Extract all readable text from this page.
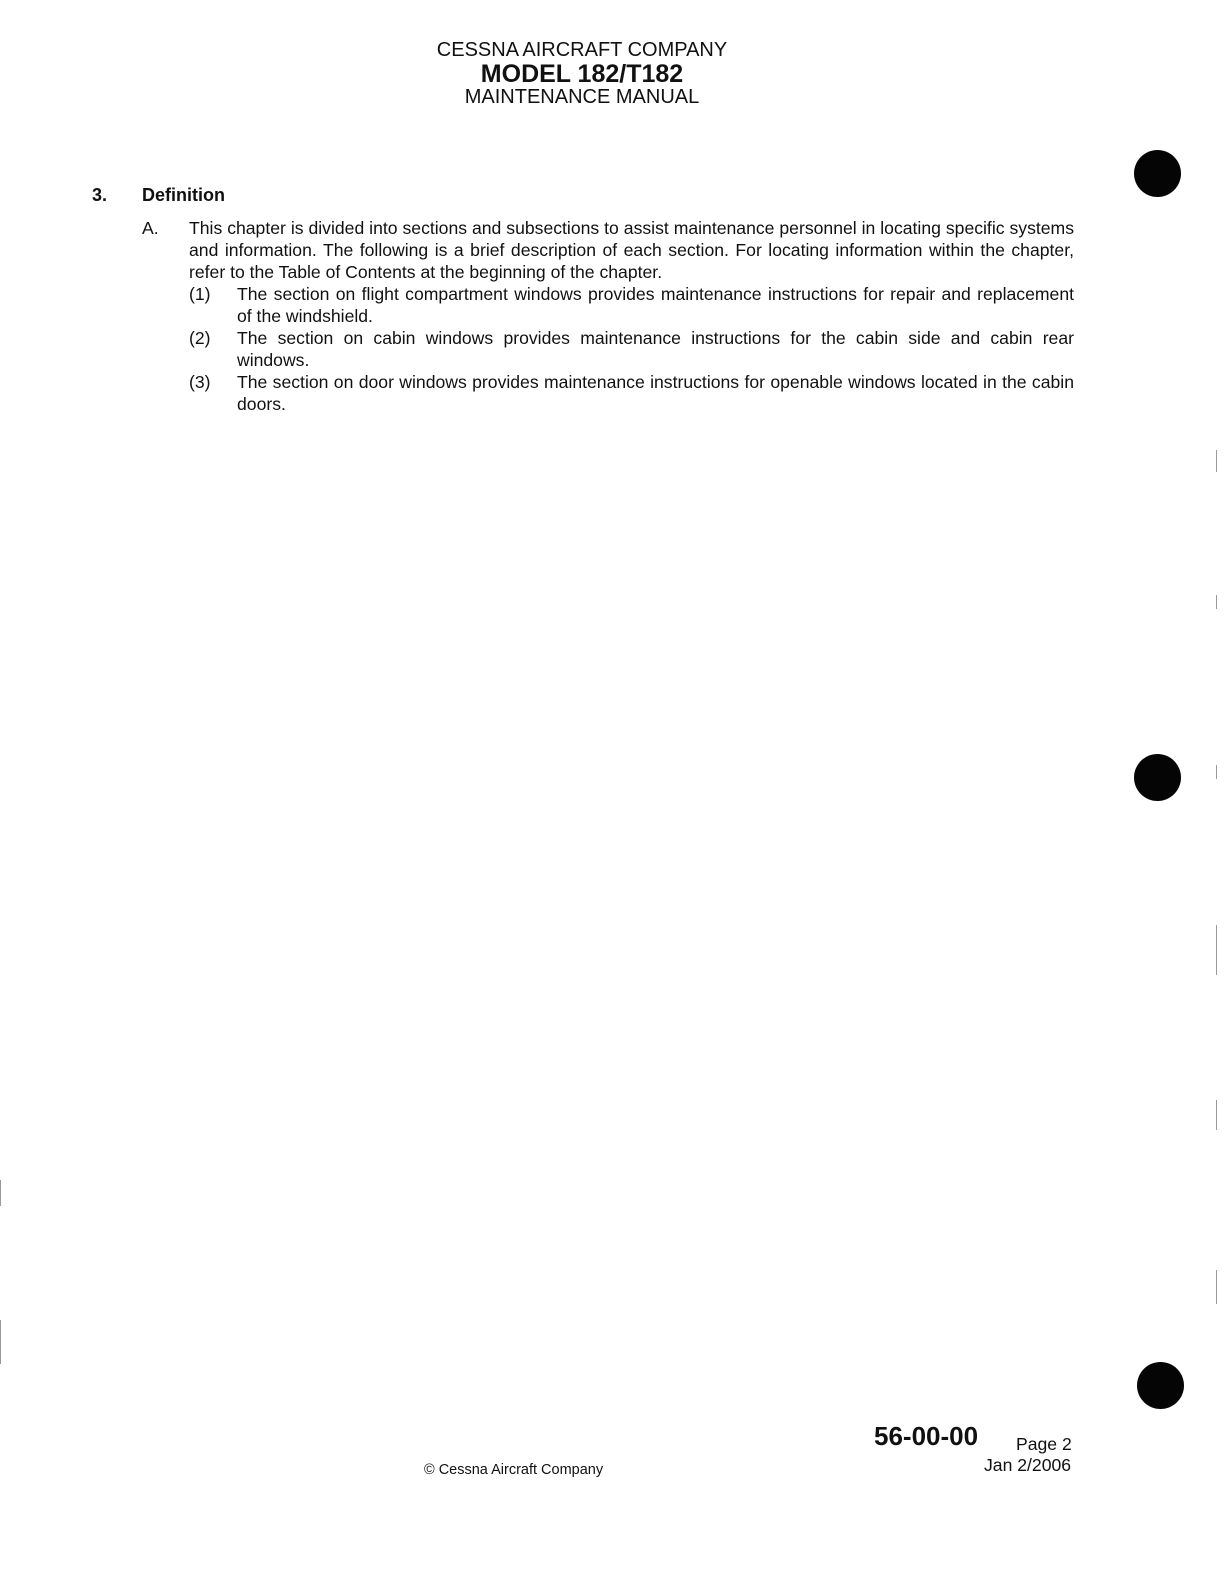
CESSNA AIRCRAFT COMPANY
MODEL 182/T182
MAINTENANCE MANUAL
3. Definition
A. This chapter is divided into sections and subsections to assist maintenance personnel in locating specific systems and information. The following is a brief description of each section. For locating information within the chapter, refer to the Table of Contents at the beginning of the chapter.
(1) The section on flight compartment windows provides maintenance instructions for repair and replacement of the windshield.
(2) The section on cabin windows provides maintenance instructions for the cabin side and cabin rear windows.
(3) The section on door windows provides maintenance instructions for openable windows located in the cabin doors.
56-00-00 Page 2
Jan 2/2006
© Cessna Aircraft Company
